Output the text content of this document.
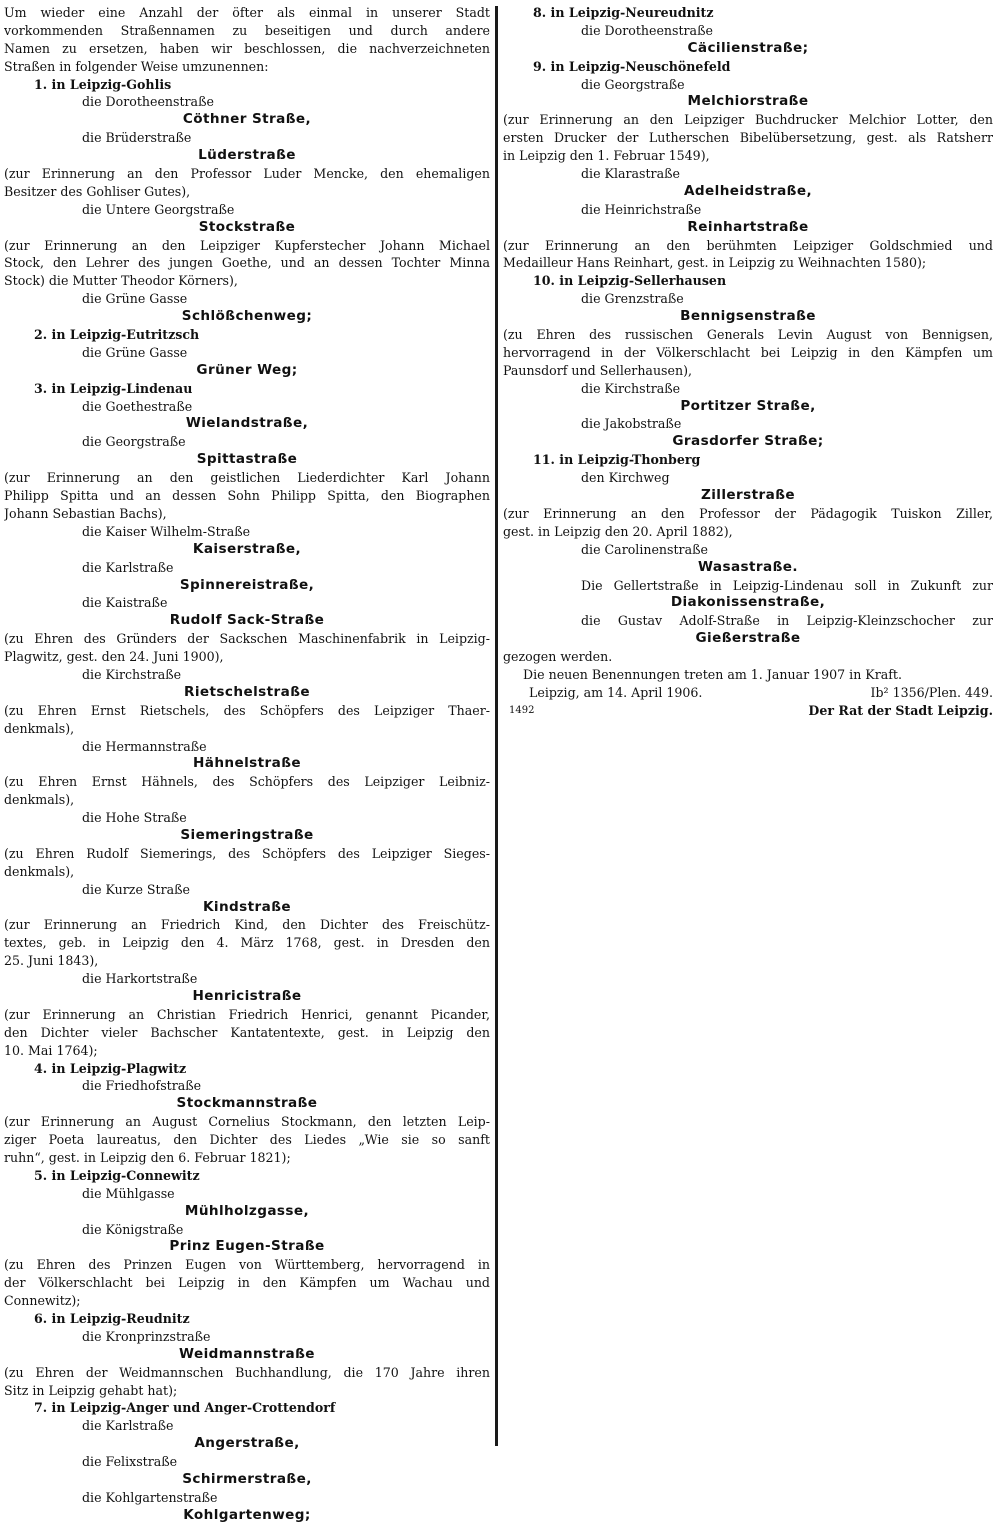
Um wieder eine Anzahl der öfter als einmal in unserer Stadt
vorkommenden Straßennamen zu beseitigen und durch andere
Namen zu ersetzen, haben wir beschlossen, die nachverzeichneten
Straßen in folgender Weise umzunennen:
1. in Leipzig-Gohlis
die Dorotheenstraße
Cöthner Straße,
die Brüderstraße
Lüderstraße
(zur Erinnerung an den Professor Luder Mencke, den ehemaligen
Besitzer des Gohliser Gutes),
die Untere Georgstraße
Stockstraße
(zur Erinnerung an den Leipziger Kupferstecher Johann Michael
Stock, den Lehrer des jungen Goethe, und an dessen Tochter Minna
Stock) die Mutter Theodor Körners),
die Grüne Gasse
Schlößchenweg;
2. in Leipzig-Eutritzsch
die Grüne Gasse
Grüner Weg;
3. in Leipzig-Lindenau
die Goethestraße
Wielandstraße,
die Georgstraße
Spittastraße
(zur Erinnerung an den geistlichen Liederdichter Karl Johann
Philipp Spitta und an dessen Sohn Philipp Spitta, den Biographen
Johann Sebastian Bachs),
die Kaiser Wilhelm-Straße
Kaiserstraße,
die Karlstraße
Spinnereistraße,
die Kaistraße
Rudolf Sack-Straße
(zu Ehren des Gründers der Sackschen Maschinenfabrik in Leipzig-
Plagwitz, gest. den 24. Juni 1900),
die Kirchstraße
Rietschelstraße
(zu Ehren Ernst Rietschels, des Schöpfers des Leipziger Thaer-
denkmals),
die Hermannstraße
Hähnelstraße
(zu Ehren Ernst Hähnels, des Schöpfers des Leipziger Leibniz-
denkmals),
die Hohe Straße
Siemeringstraße
(zu Ehren Rudolf Siemerings, des Schöpfers des Leipziger Sieges-
denkmals),
die Kurze Straße
Kindstraße
(zur Erinnerung an Friedrich Kind, den Dichter des Freischütz-
textes, geb. in Leipzig den 4. März 1768, gest. in Dresden den
25. Juni 1843),
die Harkortstraße
Henricistraße
(zur Erinnerung an Christian Friedrich Henrici, genannt Picander,
den Dichter vieler Bachscher Kantatentexte, gest. in Leipzig den
10. Mai 1764);
4. in Leipzig-Plagwitz
die Friedhofstraße
Stockmannstraße
(zur Erinnerung an August Cornelius Stockmann, den letzten Leip-
ziger Poeta laureatus, den Dichter des Liedes „Wie sie so sanft
ruhn“, gest. in Leipzig den 6. Februar 1821);
5. in Leipzig-Connewitz
die Mühlgasse
Mühlholzgasse,
die Königstraße
Prinz Eugen-Straße
(zu Ehren des Prinzen Eugen von Württemberg, hervorragend in
der Völkerschlacht bei Leipzig in den Kämpfen um Wachau und
Connewitz);
6. in Leipzig-Reudnitz
die Kronprinzstraße
Weidmannstraße
(zu Ehren der Weidmannschen Buchhandlung, die 170 Jahre ihren
Sitz in Leipzig gehabt hat);
7. in Leipzig-Anger und Anger-Crottendorf
die Karlstraße
Angerstraße,
die Felixstraße
Schirmerstraße,
die Kohlgartenstraße
Kohlgartenweg;
8. in Leipzig-Neureudnitz
die Dorotheenstraße
Cäcilienstraße;
9. in Leipzig-Neuschönefeld
die Georgstraße
Melchiorstraße
(zur Erinnerung an den Leipziger Buchdrucker Melchior Lotter, den
ersten Drucker der Lutherschen Bibelübersetzung, gest. als Ratsherr
in Leipzig den 1. Februar 1549),
die Klarastraße
Adelheidstraße,
die Heinrichstraße
Reinhartstraße
(zur Erinnerung an den berühmten Leipziger Goldschmied und
Medailleur Hans Reinhart, gest. in Leipzig zu Weihnachten 1580);
10. in Leipzig-Sellerhausen
die Grenzstraße
Bennigsenstraße
(zu Ehren des russischen Generals Levin August von Bennigsen,
hervorragend in der Völkerschlacht bei Leipzig in den Kämpfen um
Paunsdorf und Sellerhausen),
die Kirchstraße
Portitzer Straße,
die Jakobstraße
Grasdorfer Straße;
11. in Leipzig-Thonberg
den Kirchweg
Zillerstraße
(zur Erinnerung an den Professor der Pädagogik Tuiskon Ziller,
gest. in Leipzig den 20. April 1882),
die Carolinenstraße
Wasastraße.
Die Gellertstraße in Leipzig-Lindenau soll in Zukunft zur
Diakonissenstraße,
die Gustav Adolf-Straße in Leipzig-Kleinzschocher zur
Gießerstraße
gezogen werden.
Die neuen Benennungen treten am 1. Januar 1907 in Kraft.
Leipzig, am 14. April 1906.	Ib² 1356/Plen. 449.
1492	Der Rat der Stadt Leipzig.
